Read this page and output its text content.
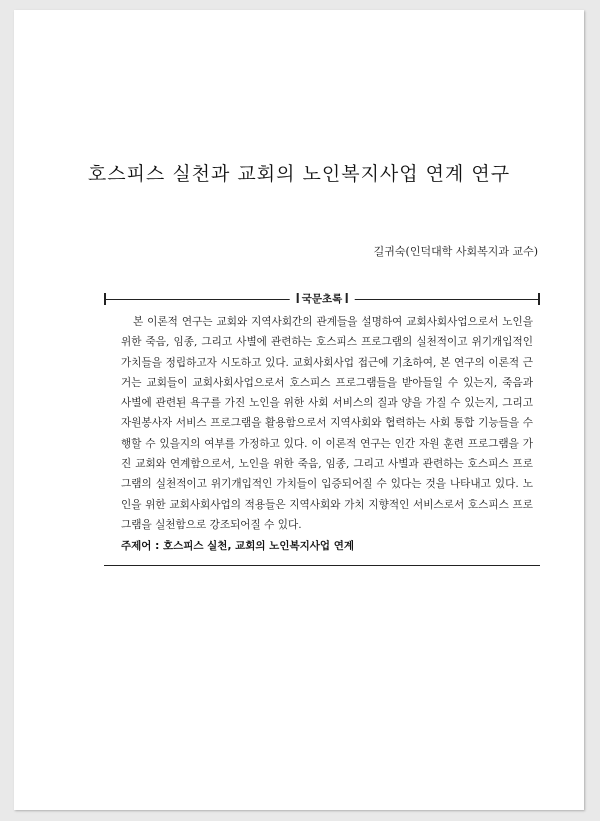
호스피스 실천과 교회의 노인복지사업 연계 연구
길귀숙(인덕대학 사회복지과 교수)
국문초록

본 이론적 연구는 교회와 지역사회간의 관계들을 설명하여 교회사회사업으로서 노인을 위한 죽음, 임종, 그리고 사별에 관련하는 호스피스 프로그램의 실천적이고 위기개입적인 가치들을 정립하고자 시도하고 있다. 교회사회사업 접근에 기초하여, 본 연구의 이론적 근거는 교회들이 교회사회사업으로서 호스피스 프로그램들을 받아들일 수 있는지, 죽음과 사별에 관련된 욕구를 가진 노인을 위한 사회 서비스의 질과 양을 가질 수 있는지, 그리고 자원봉사자 서비스 프로그램을 활용함으로서 지역사회와 협력하는 사회 통합 기능들을 수행할 수 있을지의 여부를 가정하고 있다. 이 이론적 연구는 인간 자원 훈련 프로그램을 가진 교회와 연계함으로서, 노인을 위한 죽음, 임종, 그리고 사별과 관련하는 호스피스 프로그램의 실천적이고 위기개입적인 가치들이 입증되어질 수 있다는 것을 나타내고 있다. 노인을 위한 교회사회사업의 적용들은 지역사회와 가치 지향적인 서비스로서 호스피스 프로그램을 실천함으로 강조되어질 수 있다.

주제어 : 호스피스 실천, 교회의 노인복지사업 연계
